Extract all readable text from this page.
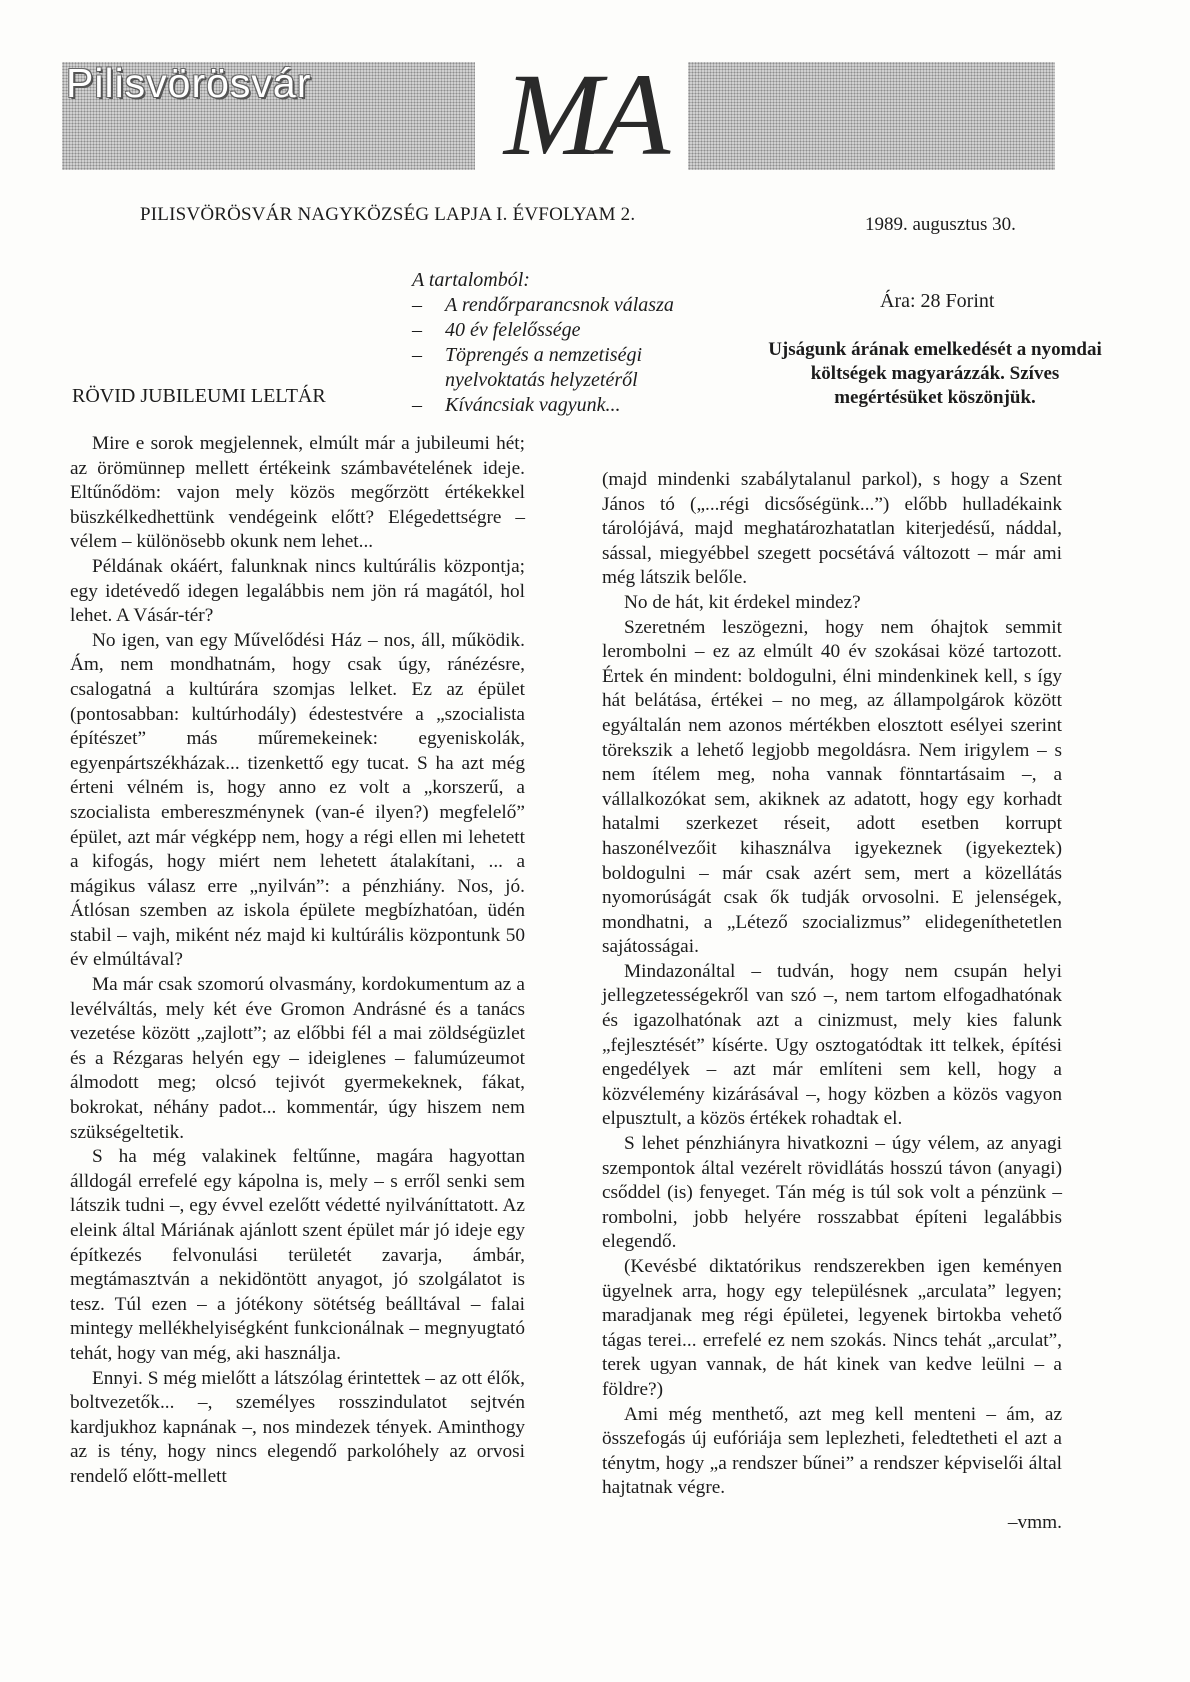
Pilisvörösvár MA
PILISVÖRÖSVÁR NAGYKÖZSÉG LAPJA I. ÉVFOLYAM 2.	1989. augusztus 30.
A tartalomból:
– A rendőrparancsnok válasza
– 40 év felelőssége
– Töprengés a nemzetiségi nyelvoktatás helyzetéről
– Kíváncsiak vagyunk...
Ára: 28 Forint
Ujságunk árának emelkedését a nyomdai költségek magyarázzák. Szíves megértésüket köszönjük.
RÖVID JUBILEUMI LELTÁR

Mire e sorok megjelennek, elmúlt már a jubileumi hét; az örömünnep mellett értékeink számbavételének ideje. Eltűnődöm: vajon mely közös megőrzött értékekkel büszkélkedhettünk vendégeink előtt? Elégedettségre – vélem – különösebb okunk nem lehet...

Példának okáért, falunknak nincs kultúrális központja; egy idetévedő idegen legalábbis nem jön rá magától, hol lehet. A Vásár-tér?

No igen, van egy Művelődési Ház – nos, áll, működik. Ám, nem mondhatnám, hogy csak úgy, ránézésre, csalogatná a kultúrára szomjas lelket. Ez az épület (pontosabban: kultúrhodály) édestestvére a „szocialista építészet” más műremekeinek: egyeniskolák, egyenpártszékházak... tizenkettő egy tucat. S ha azt még érteni vélném is, hogy anno ez volt a „korszerű, a szocialista embereszménynek (van-é ilyen?) megfelelő” épület, azt már végképp nem, hogy a régi ellen mi lehetett a kifogás, hogy miért nem lehetett átalakítani, ... a mágikus válasz erre „nyilván”: a pénzhiány. Nos, jó. Átlósan szemben az iskola épülete megbízhatóan, üdén stabil – vajh, miként néz majd ki kultúrális központunk 50 év elmúltával?

Ma már csak szomorú olvasmány, kordokumentum az a levélváltás, mely két éve Gromon Andrásné és a tanács vezetése között „zajlott”; az előbbi fél a mai zöldségüzlet és a Rézgaras helyén egy – ideiglenes – falumúzeumot álmodott meg; olcsó tejivót gyermekeknek, fákat, bokrokat, néhány padot... kommentár, úgy hiszem nem szükségeltetik.

S ha még valakinek feltűnne, magára hagyottan álldogál errefelé egy kápolna is, mely – s erről senki sem látszik tudni –, egy évvel ezelőtt védetté nyilváníttatott. Az eleink által Máriának ajánlott szent épület már jó ideje egy építkezés felvonulási területét zavarja, ámbár, megtámasztván a nekidöntött anyagot, jó szolgálatot is tesz. Túl ezen – a jótékony sötétség beálltával – falai mintegy mellékhelyiségként funkcionálnak – megnyugtató tehát, hogy van még, aki használja.

Ennyi. S még mielőtt a látszólag érintettek – az ott élők, boltvezetők... –, személyes rosszindulatot sejtvén kardjukhoz kapnának –, nos mindezek tények. Aminthogy az is tény, hogy nincs elegendő parkolóhely az orvosi rendelő előtt-mellett

(majd mindenki szabálytalanul parkol), s hogy a Szent János tó („...régi dicsőségünk...”) előbb hulladékaink tárolójává, majd meghatározhatatlan kiterjedésű, náddal, sással, miegyébbel szegett pocsétává változott – már ami még látszik belőle.

No de hát, kit érdekel mindez?

Szeretném leszögezni, hogy nem óhajtok semmit lerombolni – ez az elmúlt 40 év szokásai közé tartozott. Értek én mindent: boldogulni, élni mindenkinek kell, s így hát belátása, értékei – no meg, az állampolgárok között egyáltalán nem azonos mértékben elosztott esélyei szerint törekszik a lehető legjobb megoldásra. Nem irigylem – s nem ítélem meg, noha vannak fönntartásaim –, a vállalkozókat sem, akiknek az adatott, hogy egy korhadt hatalmi szerkezet réseit, adott esetben korrupt haszonélvezőit kihasználva igyekeznek (igyekeztek) boldogulni – már csak azért sem, mert a közellátás nyomorúságát csak ők tudják orvosolni. E jelenségek, mondhatni, a „Létező szocializmus” elidegeníthetetlen sajátosságai.

Mindazonáltal – tudván, hogy nem csupán helyi jellegzetességekről van szó –, nem tartom elfogadhatónak és igazolhatónak azt a cinizmust, mely kies falunk „fejlesztését” kísérte. Ugy osztogatódtak itt telkek, építési engedélyek – azt már említeni sem kell, hogy a közvélemény kizárásával –, hogy közben a közös vagyon elpusztult, a közös értékek rohadtak el.

S lehet pénzhiányra hivatkozni – úgy vélem, az anyagi szempontok által vezérelt rövidlátás hosszú távon (anyagi) csőddel (is) fenyeget. Tán még is túl sok volt a pénzünk – rombolni, jobb helyére rosszabbat építeni legalábbis elegendő.

(Kevésbé diktatórikus rendszerekben igen keményen ügyelnek arra, hogy egy településnek „arculata” legyen; maradjanak meg régi épületei, legyenek birtokba vehető tágas terei... errefelé ez nem szokás. Nincs tehát „arculat”, terek ugyan vannak, de hát kinek van kedve leülni – a földre?)

Ami még menthető, azt meg kell menteni – ám, az összefogás új eufóriája sem leplezheti, feledtetheti el azt a ténytm, hogy „a rendszer bűnei” a rendszer képviselői által hajtatnak végre.

–vmm.
